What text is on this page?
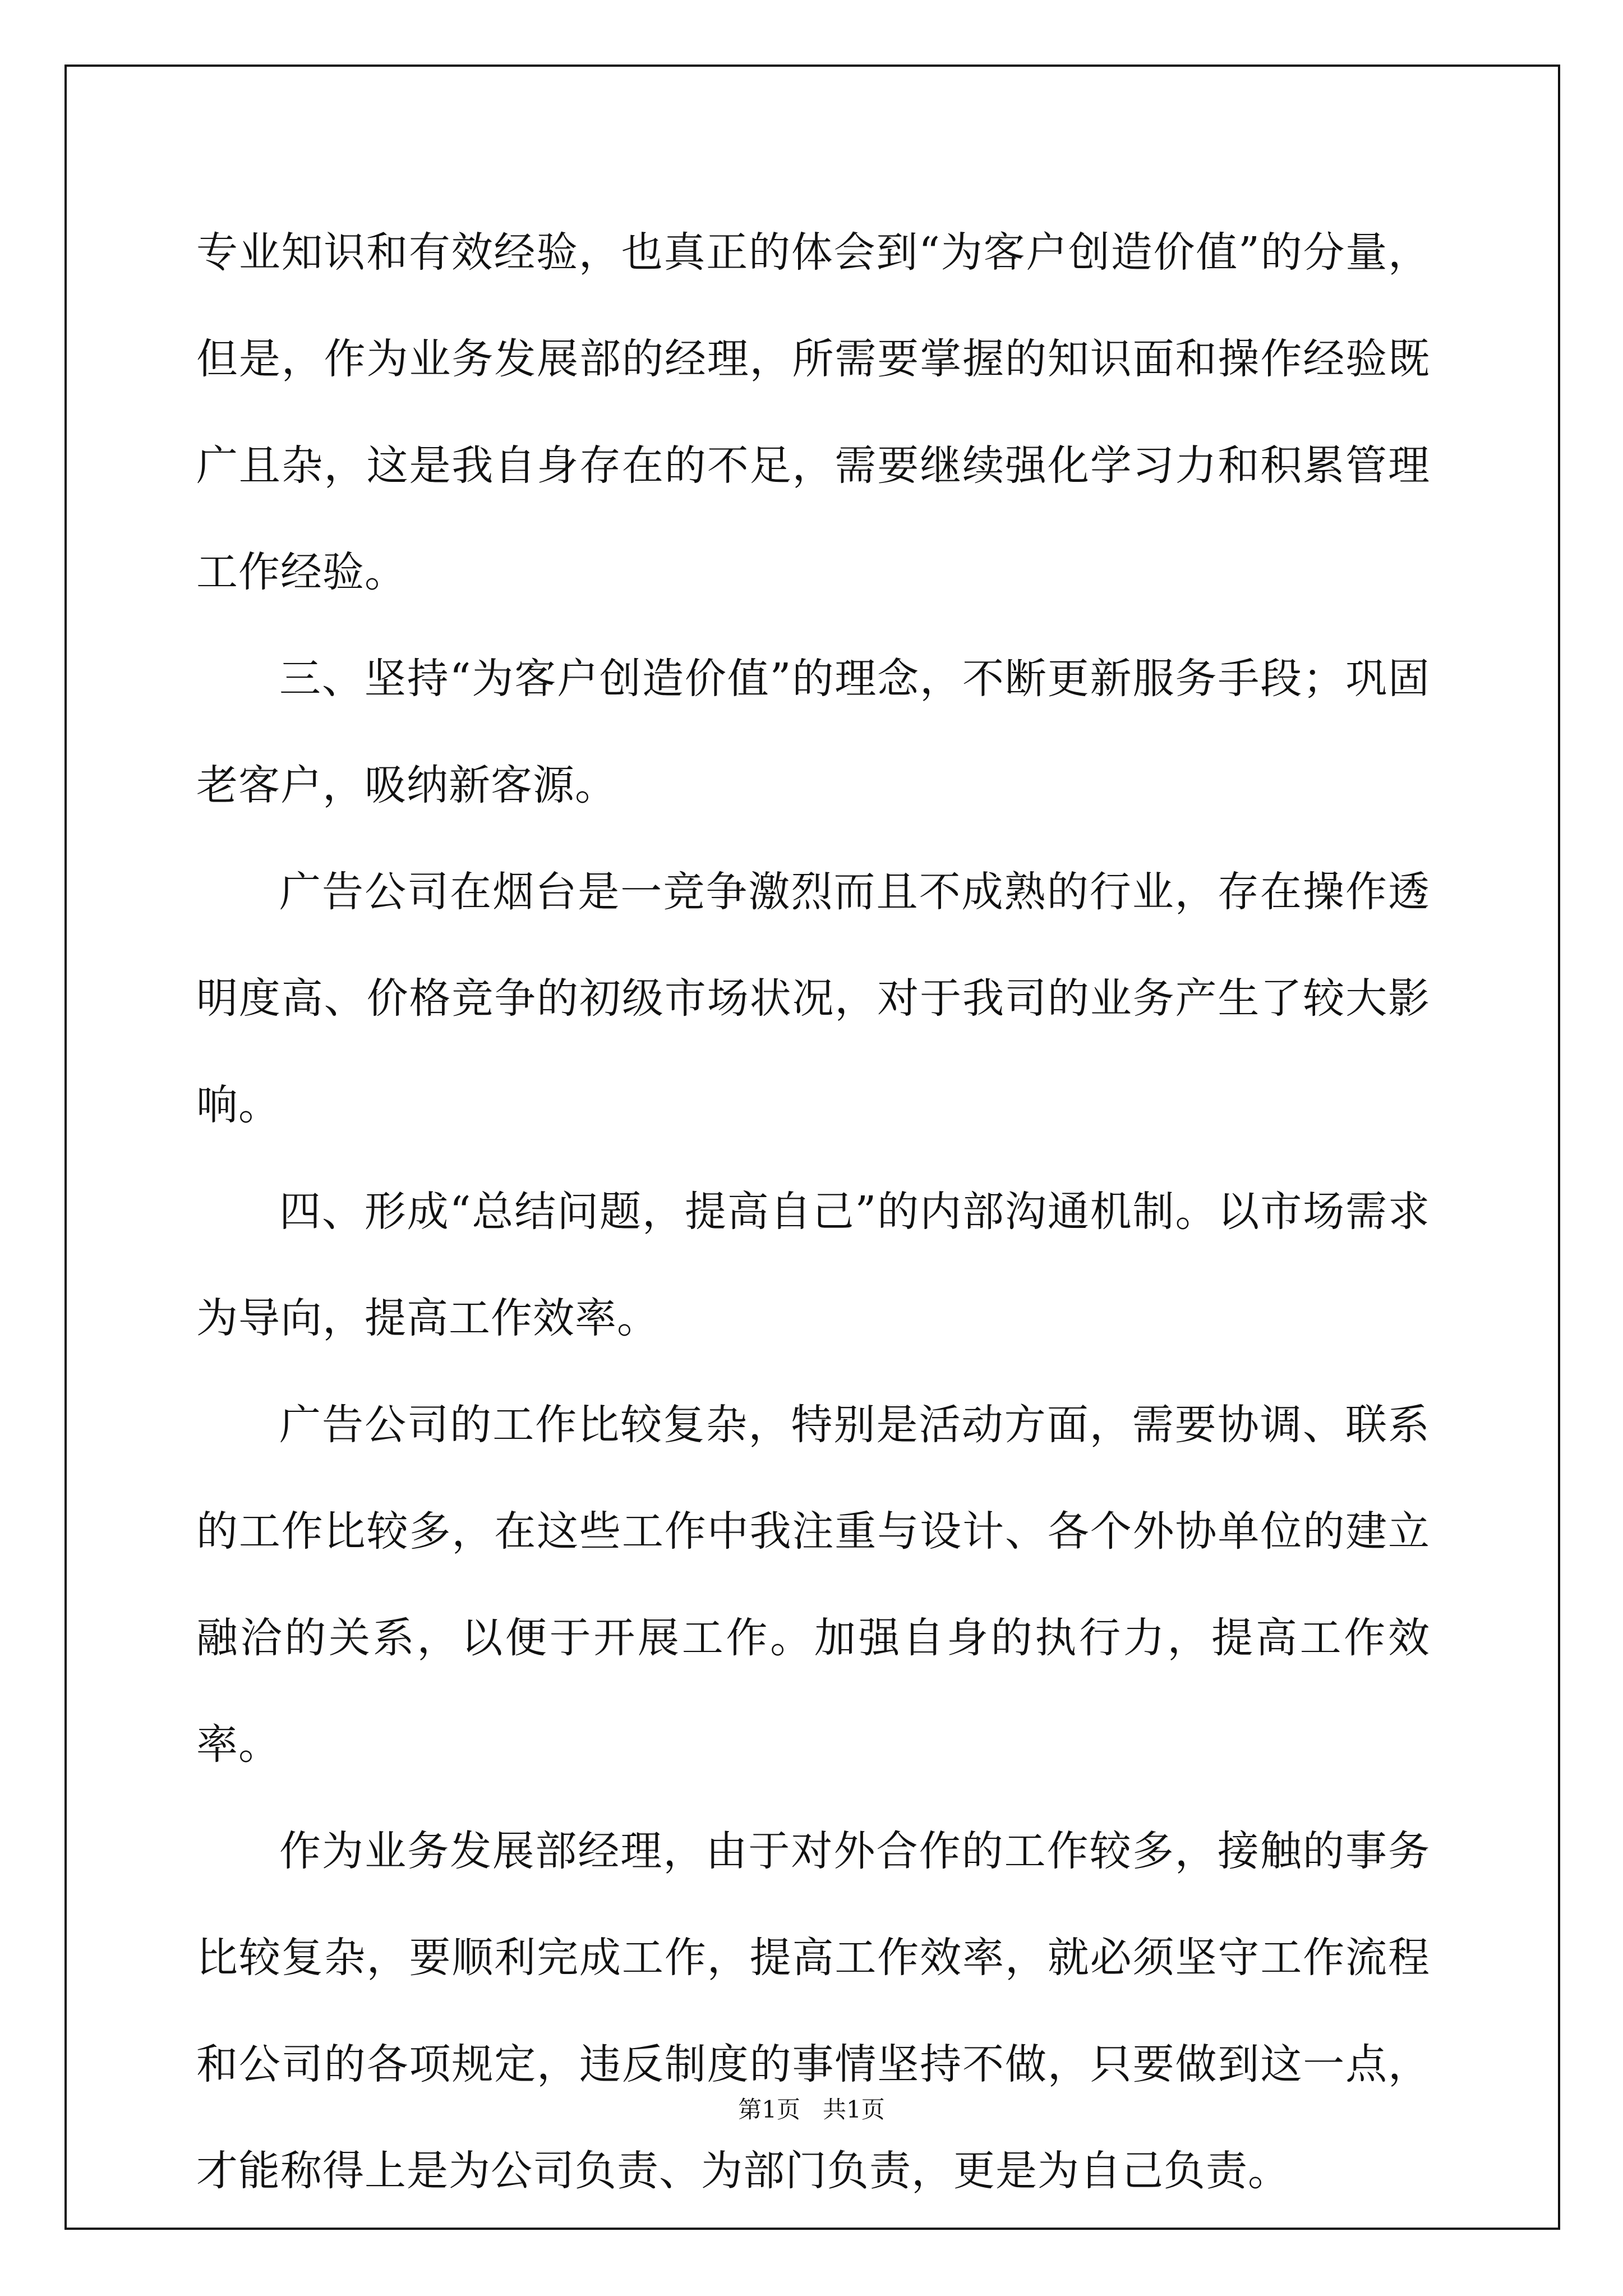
专业知识和有效经验，也真正的体会到“为客户创造价值”的分量，但是，作为业务发展部的经理，所需要掌握的知识面和操作经验既广且杂，这是我自身存在的不足，需要继续强化学习力和积累管理工作经验。

三、坚持“为客户创造价值”的理念，不断更新服务手段；巩固老客户，吸纳新客源。

广告公司在烟台是一竞争激烈而且不成熟的行业，存在操作透明度高、价格竞争的初级市场状况，对于我司的业务产生了较大影响。

四、形成“总结问题，提高自己”的内部沟通机制。以市场需求为导向，提高工作效率。

广告公司的工作比较复杂，特别是活动方面，需要协调、联系的工作比较多，在这些工作中我注重与设计、各个外协单位的建立融洽的关系，以便于开展工作。加强自身的执行力，提高工作效率。

作为业务发展部经理，由于对外合作的工作较多，接触的事务比较复杂，要顺利完成工作，提高工作效率，就必须坚守工作流程和公司的各项规定，违反制度的事情坚持不做，只要做到这一点，才能称得上是为公司负责、为部门负责，更是为自己负责。

第1页 共1页
